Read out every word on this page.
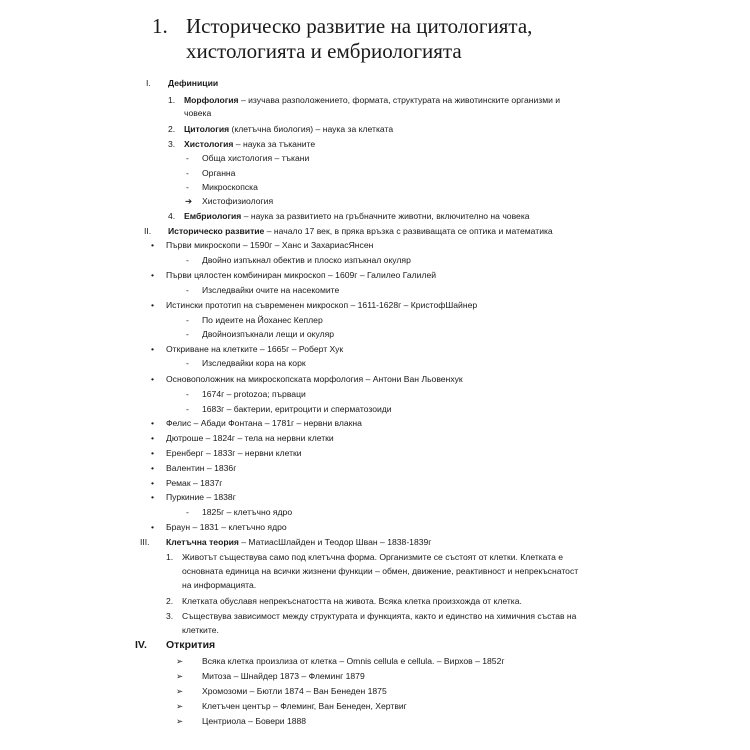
1. Историческо развитие на цитологията,
хистологията и ембриологията
I. Дефиниции
1. Морфология – изучава разположението, формата, структурата на животинските организми и
човека
2. Цитология (клетъчна биология) – наука за клетката
3. Хистология – наука за тъканите
- Обща хистология – тъкани
- Органна
- Микроскопска
➔ Хистофизиология
4. Ембриология – наука за развитието на гръбначните животни, включително на човека
II. Историческо развитие – начало 17 век, в пряка връзка с развиващата се оптика и математика
• Първи микроскопи – 1590г – Ханс и ЗахариасЯнсен
- Двойно изпъкнал обектив и плоско изпъкнал окуляр
• Първи цялостен комбиниран микроскоп – 1609г – Галилео Галилей
- Изследвайки очите на насекомите
• Истински прототип на съвременен микроскоп – 1611-1628г – КристофШайнер
- По идеите на Йоханес Кеплер
- Двойноизпъкнали лещи и окуляр
• Откриване на клетките – 1665г – Роберт Хук
- Изследвайки кора на корк
• Основоположник на микроскопската морфология – Антони Ван Льовенхук
- 1674г – protozoa; първаци
- 1683г – бактерии, еритроцити и сперматозоиди
• Фелис – Абади Фонтана – 1781г – нервни влакна
• Дютроше – 1824г – тела на нервни клетки
• Еренберг – 1833г – нервни клетки
• Валентин – 1836г
• Ремак – 1837г
• Пуркиние – 1838г
- 1825г – клетъчно ядро
• Браун – 1831 – клетъчно ядро
III. Клетъчна теория – МатиасШлайден и Теодор Шван – 1838-1839г
1. Животът съществува само под клетъчна форма. Организмите се състоят от клетки. Клетката е
основната единица на всички жизнени функции – обмен, движение, реактивност и непрекъснатост
на информацията.
2. Клетката обуславя непрекъснатостта на живота. Всяка клетка произхожда от клетка.
3. Съществува зависимост между структурата и функцията, както и единство на химичния състав на
клетките.
IV. Открития
➢ Всяка клетка произлиза от клетка – Omnis cellula e cellula. – Вирхов – 1852г
➢ Митоза – Шнайдер 1873 – Флеминг 1879
➢ Хромозоми – Бютли 1874 – Ван Бенеден 1875
➢ Клетъчен център – Флеминг, Ван Бенеден, Хертвиг
➢ Центриола – Бовери 1888
